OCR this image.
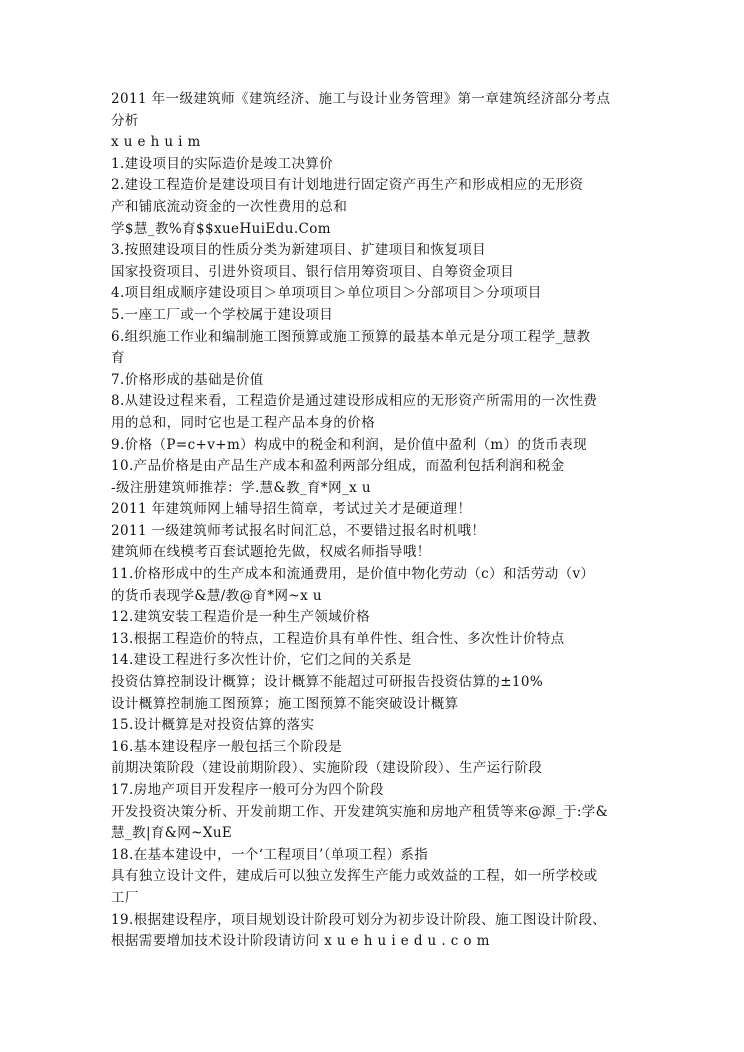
2011 年一级建筑师《建筑经济、施工与设计业务管理》第一章建筑经济部分考点
分析
x u e h u i m
1.建设项目的实际造价是竣工决算价
2.建设工程造价是建设项目有计划地进行固定资产再生产和形成相应的无形资
产和铺底流动资金的一次性费用的总和
学$慧_教%育$$xueHuiEdu.Com
3.按照建设项目的性质分类为新建项目、扩建项目和恢复项目
国家投资项目、引进外资项目、银行信用筹资项目、自筹资金项目
4.项目组成顺序建设项目＞单项项目＞单位项目＞分部项目＞分项项目
5.一座工厂或一个学校属于建设项目
6.组织施工作业和编制施工图预算或施工预算的最基本单元是分项工程学_慧教
育
7.价格形成的基础是价值
8.从建设过程来看，工程造价是通过建设形成相应的无形资产所需用的一次性费
用的总和，同时它也是工程产品本身的价格
9.价格（P=c+v+m）构成中的税金和利润，是价值中盈利（m）的货币表现
10.产品价格是由产品生产成本和盈利两部分组成，而盈利包括利润和税金
-级注册建筑师推荐：学.慧&教_育*网_x u
2011 年建筑师网上辅导招生简章，考试过关才是硬道理！
2011 一级建筑师考试报名时间汇总，不要错过报名时机哦！
建筑师在线模考百套试题抢先做，权威名师指导哦！
11.价格形成中的生产成本和流通费用，是价值中物化劳动（c）和活劳动（v）
的货币表现学&慧/教@育*网~x u
12.建筑安装工程造价是一种生产领域价格
13.根据工程造价的特点，工程造价具有单件性、组合性、多次性计价特点
14.建设工程进行多次性计价，它们之间的关系是
投资估算控制设计概算；设计概算不能超过可研报告投资估算的±10%
设计概算控制施工图预算；施工图预算不能突破设计概算
15.设计概算是对投资估算的落实
16.基本建设程序一般包括三个阶段是
前期决策阶段（建设前期阶段）、实施阶段（建设阶段）、生产运行阶段
17.房地产项目开发程序一般可分为四个阶段
开发投资决策分析、开发前期工作、开发建筑实施和房地产租赁等来@源_于:学&
慧_教|育&网~XuE
18.在基本建设中，一个‘工程项目’（单项工程）系指
具有独立设计文件，建成后可以独立发挥生产能力或效益的工程，如一所学校或
工厂
19.根据建设程序，项目规划设计阶段可划分为初步设计阶段、施工图设计阶段、
根据需要增加技术设计阶段请访问 x u e h u i e d u . c o m
